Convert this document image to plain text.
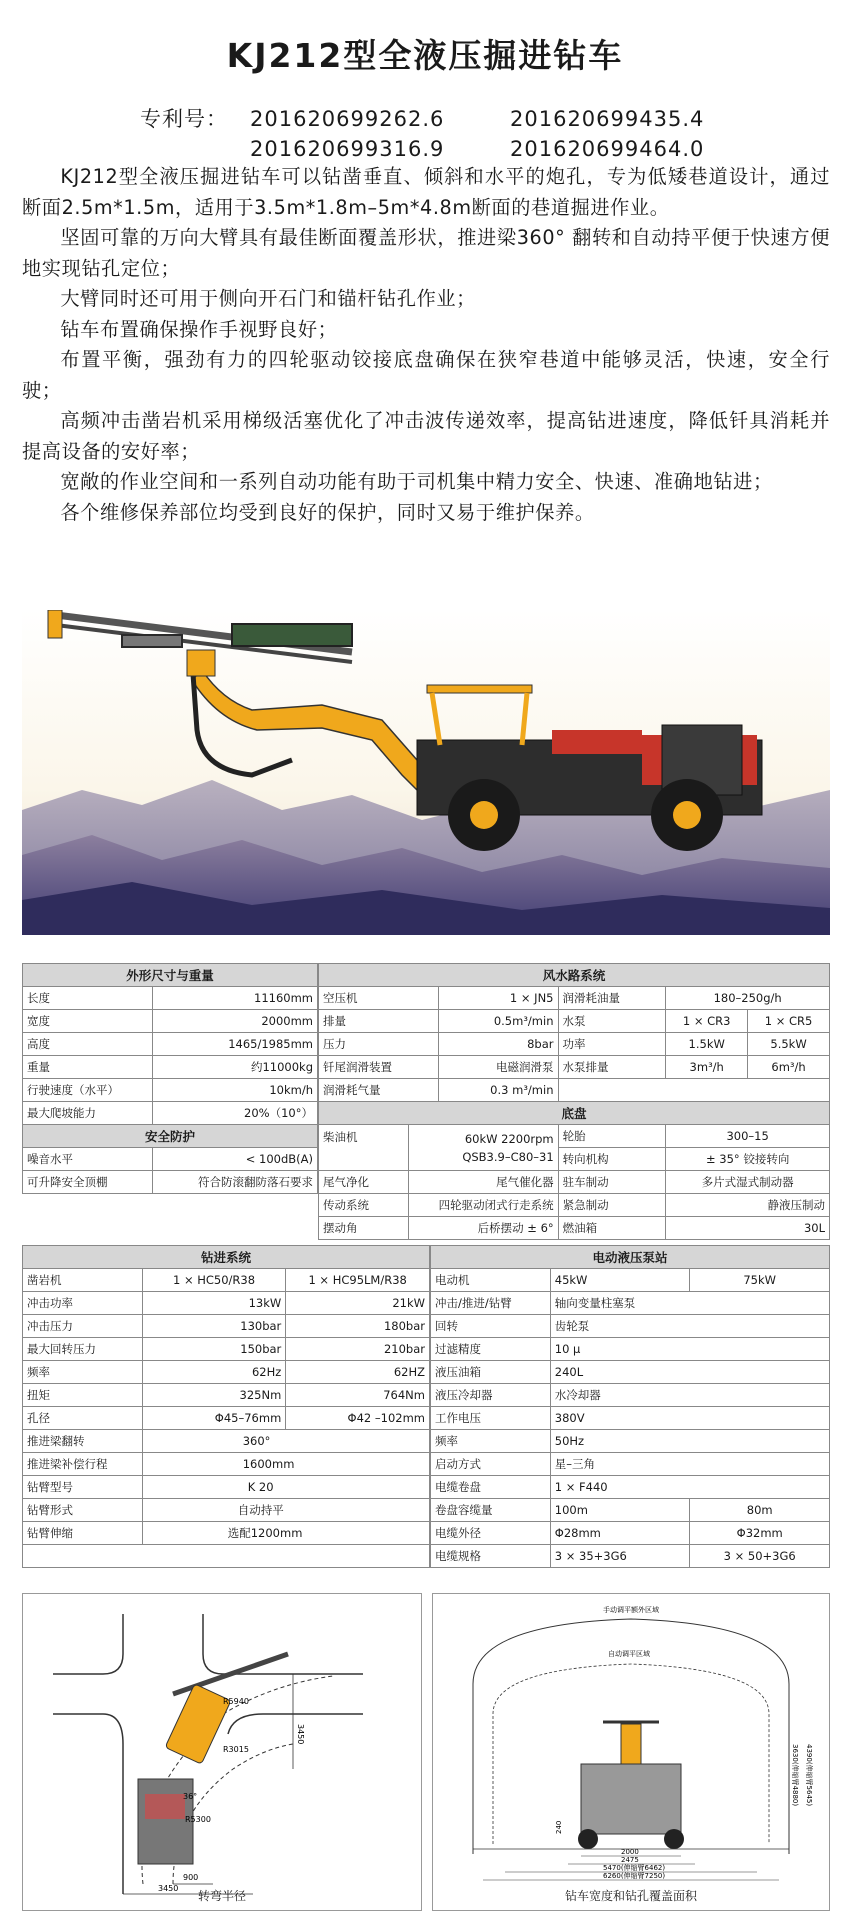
KJ212型全液压掘进钻车
专利号：	201620699262.6	201620699435.4
201620699316.9	201620699464.0

KJ212型全液压掘进钻车可以钻凿垂直、倾斜和水平的炮孔，专为低矮巷道设计，通过断面2.5m*1.5m，适用于3.5m*1.8m–5m*4.8m断面的巷道掘进作业。

坚固可靠的万向大臂具有最佳断面覆盖形状，推进梁360° 翻转和自动持平便于快速方便地实现钻孔定位；

大臂同时还可用于侧向开石门和锚杆钻孔作业；

钻车布置确保操作手视野良好；

布置平衡，强劲有力的四轮驱动铰接底盘确保在狭窄巷道中能够灵活，快速，安全行驶；

高频冲击凿岩机采用梯级活塞优化了冲击波传递效率，提高钻进速度，降低钎具消耗并提高设备的安好率；

宽敞的作业空间和一系列自动功能有助于司机集中精力安全、快速、准确地钻进；

各个维修保养部位均受到良好的保护，同时又易于维护保养。

外形尺寸与重量	
长度	11160mm
宽度	2000mm
高度	1465/1985mm
重量	约11000kg
行驶速度（水平）	10km/h
最大爬坡能力	20%（10°）
安全防护	
噪音水平	< 100dB(A)
可升降安全顶棚	符合防滚翻防落石要求
风水路系统				
空压机	1 × JN5	润滑耗油量	180–250g/h	
排量	0.5m³/min	水泵	1 × CR3	1 × CR5
压力	8bar	功率	1.5kW	5.5kW
钎尾润滑装置	电磁润滑泵	水泵排量	3m³/h	6m³/h
润滑耗气量	0.3 m³/min			
底盘			
柴油机	60kW 2200rpm
QSB3.9–C80–31	轮胎	300–15
		转向机构	± 35° 铰接转向
尾气净化	尾气催化器	驻车制动	多片式湿式制动器
传动系统	四轮驱动闭式行走系统	紧急制动	静液压制动
摆动角	后桥摆动 ± 6°	燃油箱	30L
钻进系统		
凿岩机	1 × HC50/R38	1 × HC95LM/R38
冲击功率	13kW	21kW
冲击压力	130bar	180bar
最大回转压力	150bar	210bar
频率	62Hz	62HZ
扭矩	325Nm	764Nm
孔径	Φ45–76mm	Φ42 –102mm
推进梁翻转	360°	
推进梁补偿行程	1600mm	
钻臂型号	K 20	
钻臂形式	自动持平	
钻臂伸缩	选配1200mm	

电动液压泵站		
电动机	45kW	75kW
冲击/推进/钻臂	轴向变量柱塞泵	
回转	齿轮泵	
过滤精度	10 μ	
液压油箱	240L	
液压冷却器	水冷却器	
工作电压	380V	
频率	50Hz	
启动方式	星–三角	
电缆卷盘	1 × F440	
卷盘容缆量	100m	80m
电缆外径	Φ28mm	Φ32mm
电缆规格	3 × 35+3G6	3 × 50+3G6
R5940
R3015
R5300
36°
3450
900
3450
转弯半径
手动调平额外区域
自动调平区域
2000
2475
5470(伸缩臂6462)
6260(伸缩臂7250)
3630(伸缩臂4880) 4390(伸缩臂5645)
240
钻车宽度和钻孔覆盖面积
